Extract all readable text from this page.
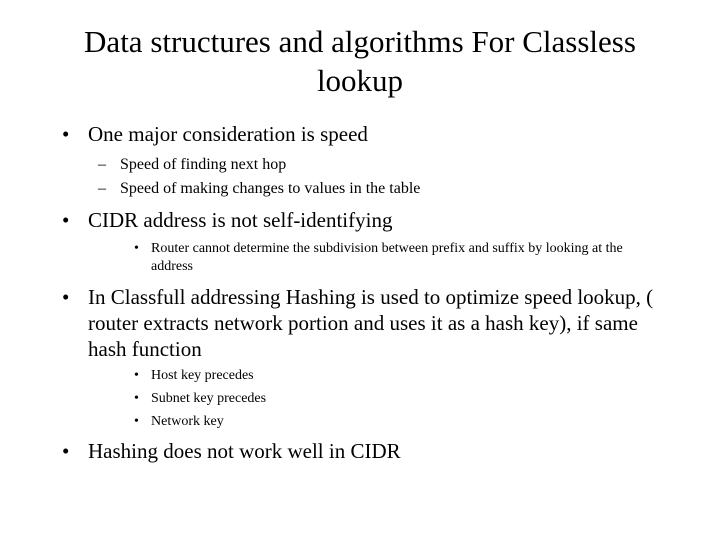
Data structures and algorithms For Classless lookup
• One major consideration is speed
– Speed of finding next hop
– Speed of making changes to values in the table
• CIDR address is not self-identifying
• Router cannot determine the subdivision between prefix and suffix by looking at the address
• In Classfull addressing Hashing is used to optimize speed lookup, ( router extracts network portion and uses it as a hash key), if same hash function
• Host key precedes
• Subnet key precedes
• Network key
• Hashing does not work well in CIDR
